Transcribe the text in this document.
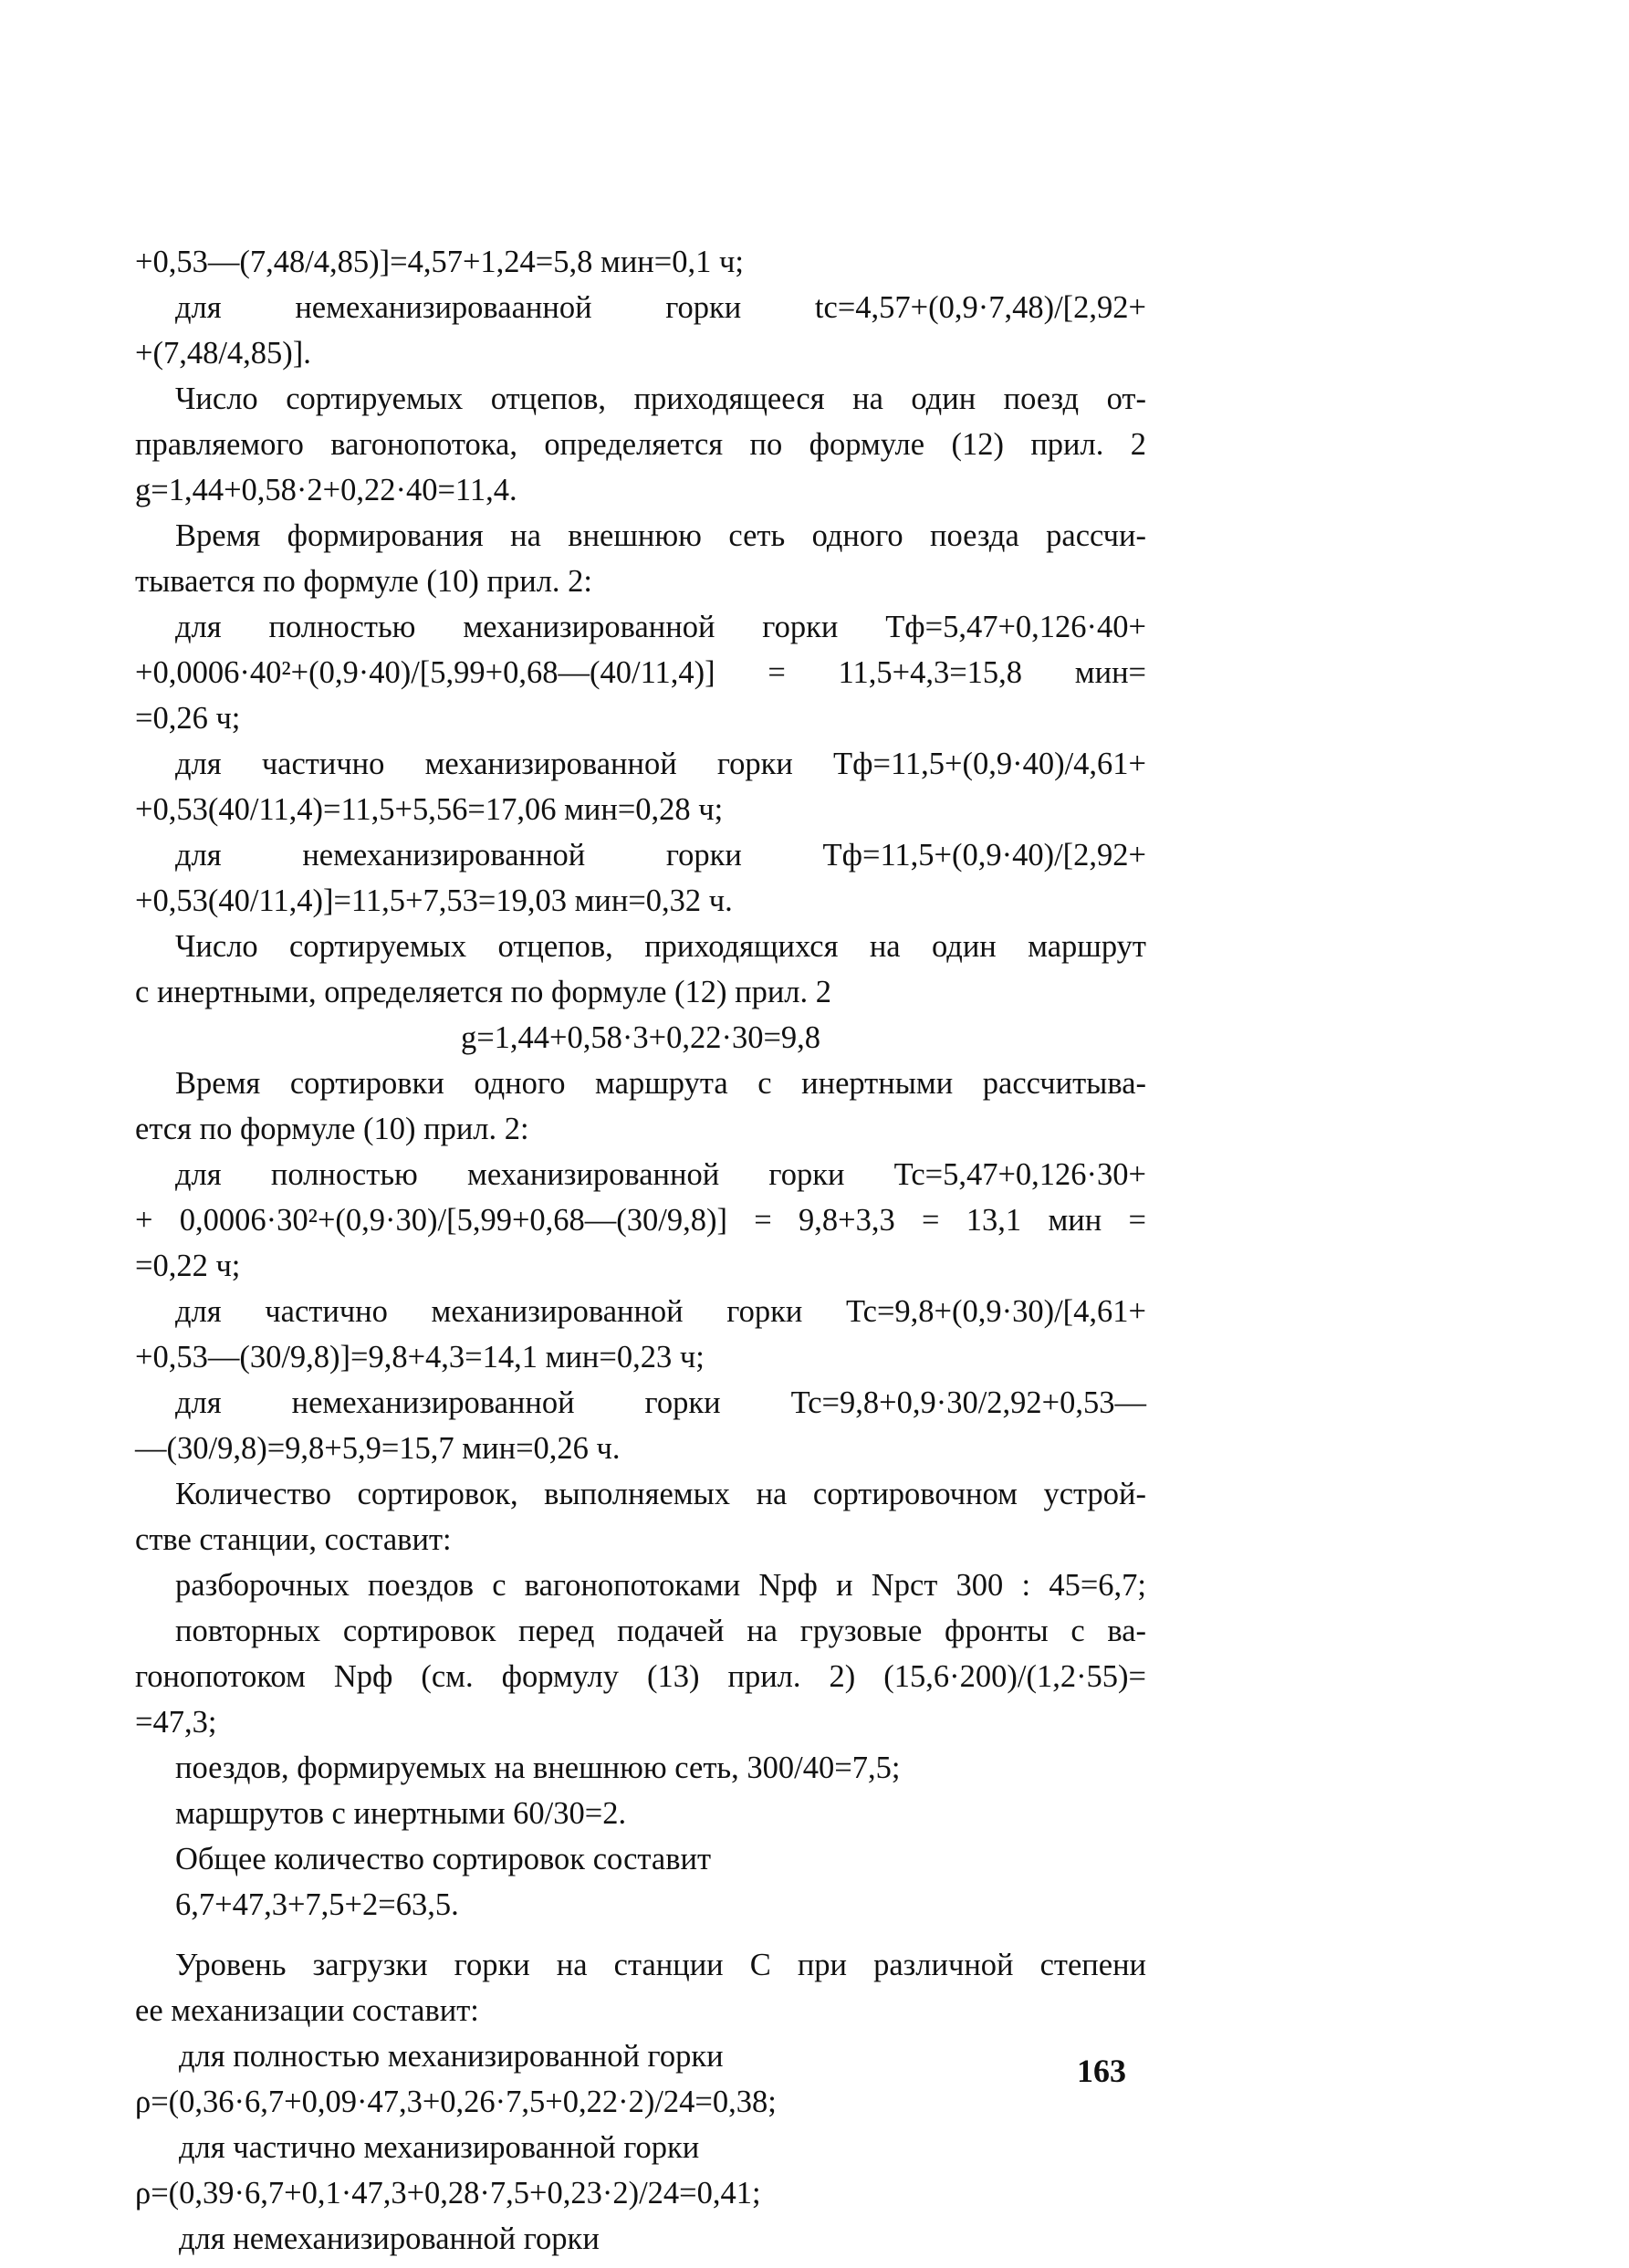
+0,53—(7,48/4,85)]=4,57+1,24=5,8 мин=0,1 ч;
для немеханизироваанной горки tc=4,57+(0,9·7,48)/[2,92+
+(7,48/4,85)].
Число сортируемых отцепов, приходящееся на один поезд от-
правляемого вагонопотока, определяется по формуле (12) прил. 2
g=1,44+0,58·2+0,22·40=11,4.
Время формирования на внешнюю сеть одного поезда рассчи-
тывается по формуле (10) прил. 2:
для полностью механизированной горки Tф=5,47+0,126·40+
+0,0006·40²+(0,9·40)/[5,99+0,68—(40/11,4)] = 11,5+4,3=15,8 мин=
=0,26 ч;
для частично механизированной горки Tф=11,5+(0,9·40)/4,61+
+0,53(40/11,4)=11,5+5,56=17,06 мин=0,28 ч;
для немеханизированной горки Tф=11,5+(0,9·40)/[2,92+
+0,53(40/11,4)]=11,5+7,53=19,03 мин=0,32 ч.
Число сортируемых отцепов, приходящихся на один маршрут
с инертными, определяется по формуле (12) прил. 2
g=1,44+0,58·3+0,22·30=9,8
Время сортировки одного маршрута с инертными рассчитыва-
ется по формуле (10) прил. 2:
для полностью механизированной горки Tc=5,47+0,126·30+
+ 0,0006·30²+(0,9·30)/[5,99+0,68—(30/9,8)] = 9,8+3,3 = 13,1 мин =
=0,22 ч;
для частично механизированной горки Tc=9,8+(0,9·30)/[4,61+
+0,53—(30/9,8)]=9,8+4,3=14,1 мин=0,23 ч;
для немеханизированной горки Tc=9,8+0,9·30/2,92+0,53—
—(30/9,8)=9,8+5,9=15,7 мин=0,26 ч.
Количество сортировок, выполняемых на сортировочном устрой-
стве станции, составит:
разборочных поездов с вагонопотоками Nрф и Nрст 300 : 45=6,7;
повторных сортировок перед подачей на грузовые фронты с ва-
гонопотоком Nрф (см. формулу (13) прил. 2) (15,6·200)/(1,2·55)=
=47,3;
поездов, формируемых на внешнюю сеть, 300/40=7,5;
маршрутов с инертными 60/30=2.
Общее количество сортировок составит
6,7+47,3+7,5+2=63,5.
Уровень загрузки горки на станции С при различной степени
ее механизации составит:
для полностью механизированной горки
ρ=(0,36·6,7+0,09·47,3+0,26·7,5+0,22·2)/24=0,38;
для частично механизированной горки
ρ=(0,39·6,7+0,1·47,3+0,28·7,5+0,23·2)/24=0,41;
для немеханизированной горки
163
